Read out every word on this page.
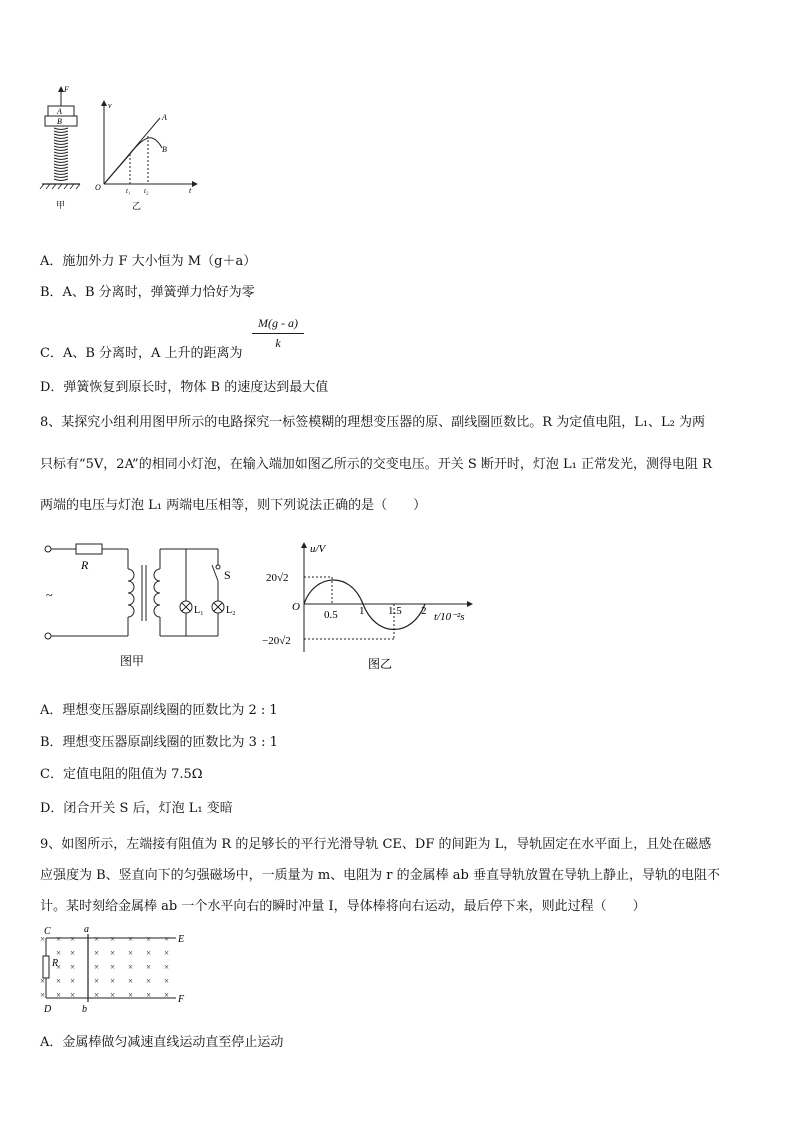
F
A
B
甲
v
O	t
A
B
t₁ t₂
乙
A．施加外力 F 大小恒为 M（g＋a）
B．A、B 分离时，弹簧弹力恰好为零
C．A、B 分离时，A 上升的距离为
$\frac{M(g - a)}{k}$
D．弹簧恢复到原长时，物体 B 的速度达到最大值
8、某探究小组利用图甲所示的电路探究一标签模糊的理想变压器的原、副线圈匝数比。R 为定值电阻，L₁、L₂ 为两
只标有“5V，2A”的相同小灯泡，在输入端加如图乙所示的交变电压。开关 S 断开时，灯泡 L₁ 正常发光，测得电阻 R
两端的电压与灯泡 L₁ 两端电压相等，则下列说法正确的是（　　）
R
~
L₁
S
L₂
图甲
u/V
20√2
−20√2
O
0.5 1 1.5 2 t/10⁻²s
图乙
A．理想变压器原副线圈的匝数比为 2 : 1
B．理想变压器原副线圈的匝数比为 3 : 1
C．定值电阻的阻值为 7.5Ω
D．闭合开关 S 后，灯泡 L₁ 变暗
9、如图所示，左端接有阻值为 R 的足够长的平行光滑导轨 CE、DF 的间距为 L，导轨固定在水平面上，且处在磁感
应强度为 B、竖直向下的匀强磁场中，一质量为 m、电阻为 r 的金属棒 ab 垂直导轨放置在导轨上静止，导轨的电阻不
计。某时刻给金属棒 ab 一个水平向右的瞬时冲量 I，导体棒将向右运动，最后停下来，则此过程（　　）
C
D
E
F
a
b
R
× × × × × × × ×
× × × × × × ×
× × × × × × ×
× × × × × × × ×
× × × × × × × ×
A．金属棒做匀减速直线运动直至停止运动
